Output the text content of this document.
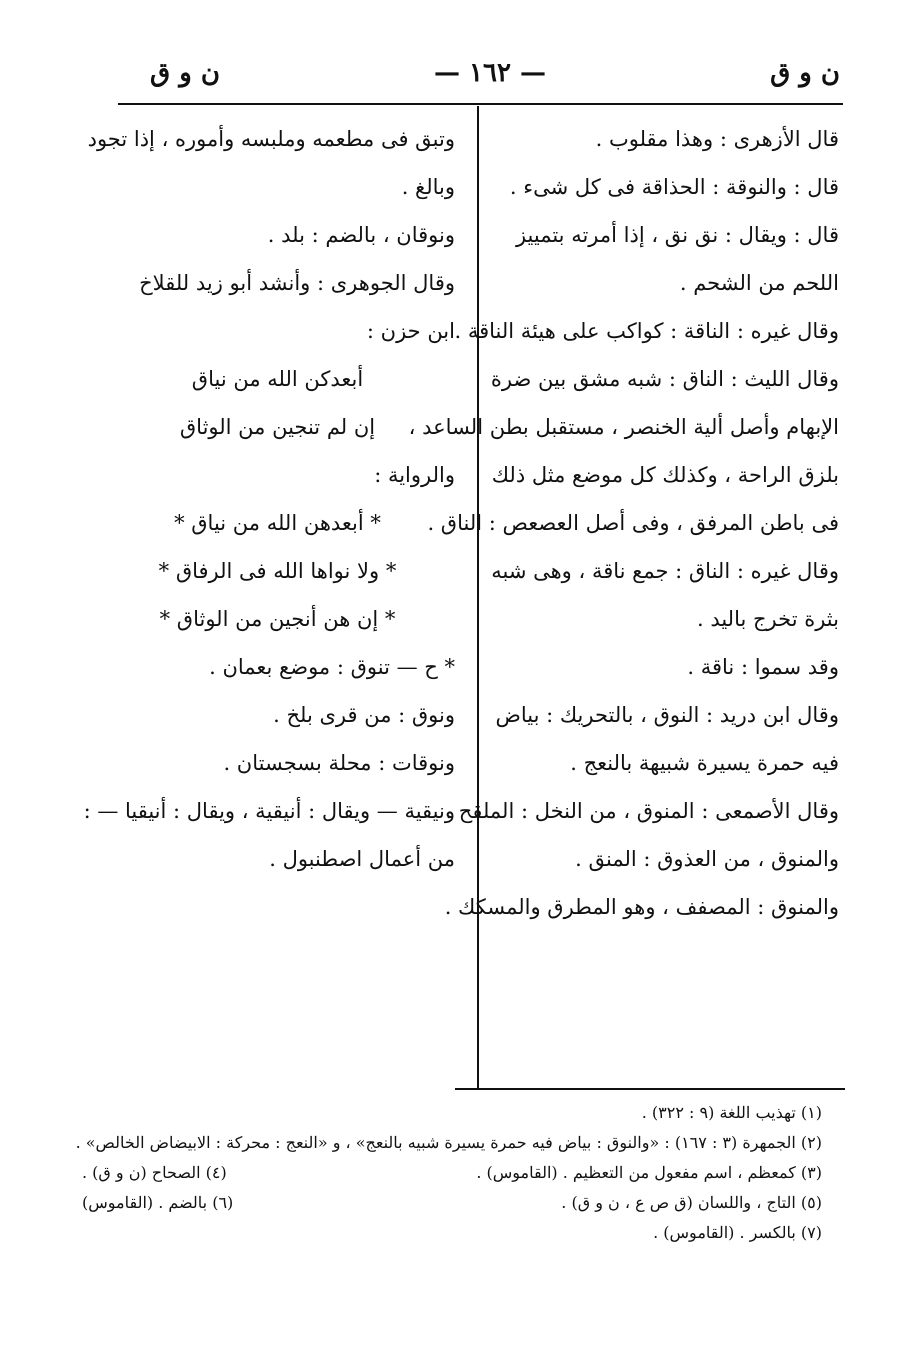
ن و ق
— ١٦٢ —
ن و ق
قال الأزهرى : وهذا مقلوب .
قال : والنوقة : الحذاقة فى كل شىء .
قال : ويقال : نق نق ، إذا أمرته بتمييز
اللحم من الشحم .
وقال غيره : الناقة : كواكب على هيئة الناقة .
وقال الليث : الناق : شبه مشق بين ضرة
الإبهام وأصل ألية الخنصر ، مستقبل بطن الساعد ،
بلزق الراحة ، وكذلك كل موضع مثل ذلك
فى باطن المرفق ، وفى أصل العصعص : الناق .
وقال غيره : الناق : جمع ناقة ، وهى شبه
بثرة تخرج باليد .
وقد سموا : ناقة .
وقال ابن دريد : النوق ، بالتحريك : بياض
فيه حمرة يسيرة شبيهة بالنعج .
وقال الأصمعى : المنوق ، من النخل : الملقح .
والمنوق ، من العذوق : المنق .
والمنوق : المصفف ، وهو المطرق والمسكك .
وتبق فى مطعمه وملبسه وأموره ، إذا تجود
وبالغ .
ونوقان ، بالضم : بلد .
وقال الجوهرى : وأنشد أبو زيد للقلاخ
ابن حزن :
أبعدكن الله من نياق
إن لم تنجين من الوثاق
والرواية :
* أبعدهن الله من نياق *
* ولا نواها الله فى الرفاق *
* إن هن أنجين من الوثاق *
* ح — تنوق : موضع بعمان .
ونوق : من قرى بلخ .
ونوقات : محلة بسجستان .
ونيقية — ويقال : أنيقية ، ويقال : أنيقيا — :
من أعمال اصطنبول .
(١) تهذيب اللغة (٩ : ٣٢٢) .
(٢) الجمهرة (٣ : ١٦٧) : «والنوق : بياض فيه حمرة يسيرة شبيه بالنعج» ، و «النعج : محركة : الابيضاض الخالص» .
(٣) كمعظم ، اسم مفعول من التعظيم . (القاموس) .
(٤) الصحاح (ن و ق) .
(٥) التاج ، واللسان (ق ص ع ، ن و ق) .
(٦) بالضم . (القاموس)
(٧) بالكسر . (القاموس) .
